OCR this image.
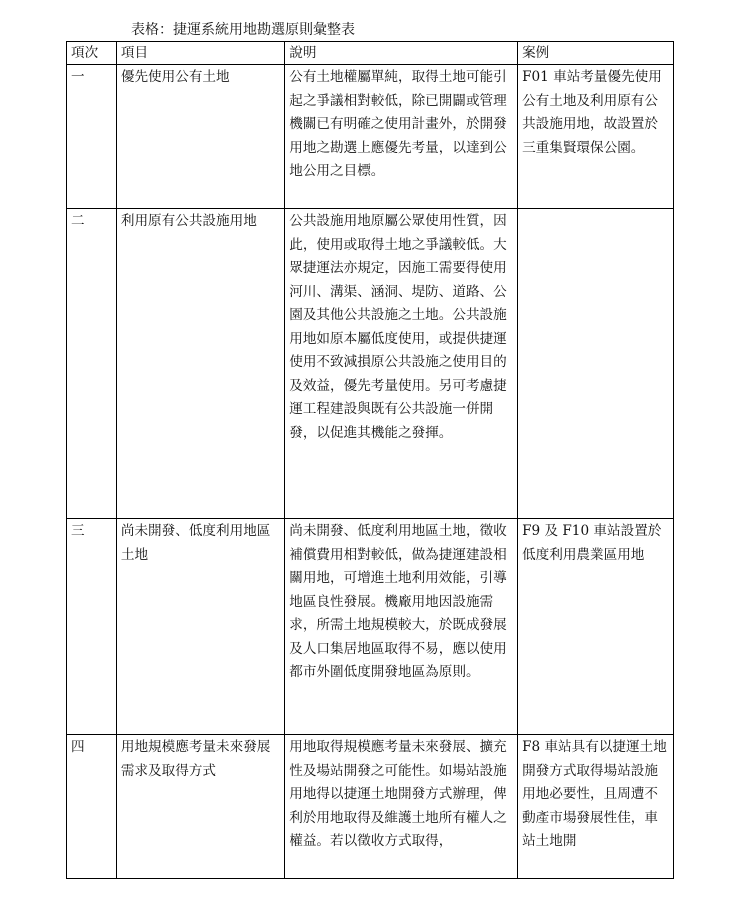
表格：捷運系統用地勘選原則彙整表
項次	項目	說明	案例
一	優先使用公有土地	公有土地權屬單純，取得土地可能引起之爭議相對較低，除已開闢或管理機關已有明確之使用計畫外，於開發用地之勘選上應優先考量，以達到公地公用之目標。	F01 車站考量優先使用公有土地及利用原有公共設施用地，故設置於三重集賢環保公園。
二	利用原有公共設施用地	公共設施用地原屬公眾使用性質，因此，使用或取得土地之爭議較低。大眾捷運法亦規定，因施工需要得使用河川、溝渠、涵洞、堤防、道路、公園及其他公共設施之土地。公共設施用地如原本屬低度使用，或提供捷運使用不致減損原公共設施之使用目的及效益，優先考量使用。另可考慮捷運工程建設與既有公共設施一併開發，以促進其機能之發揮。	
三	尚未開發、低度利用地區土地	尚未開發、低度利用地區土地，徵收補償費用相對較低，做為捷運建設相關用地，可增進土地利用效能，引導地區良性發展。機廠用地因設施需求，所需土地規模較大，於既成發展及人口集居地區取得不易，應以使用都市外圍低度開發地區為原則。	F9 及 F10 車站設置於低度利用農業區用地
四	用地規模應考量未來發展需求及取得方式	用地取得規模應考量未來發展、擴充性及場站開發之可能性。如場站設施用地得以捷運土地開發方式辦理，俾利於用地取得及維護土地所有權人之權益。若以徵收方式取得，	F8 車站具有以捷運土地開發方式取得場站設施用地必要性，且周遭不動產市場發展性佳，車站土地開
